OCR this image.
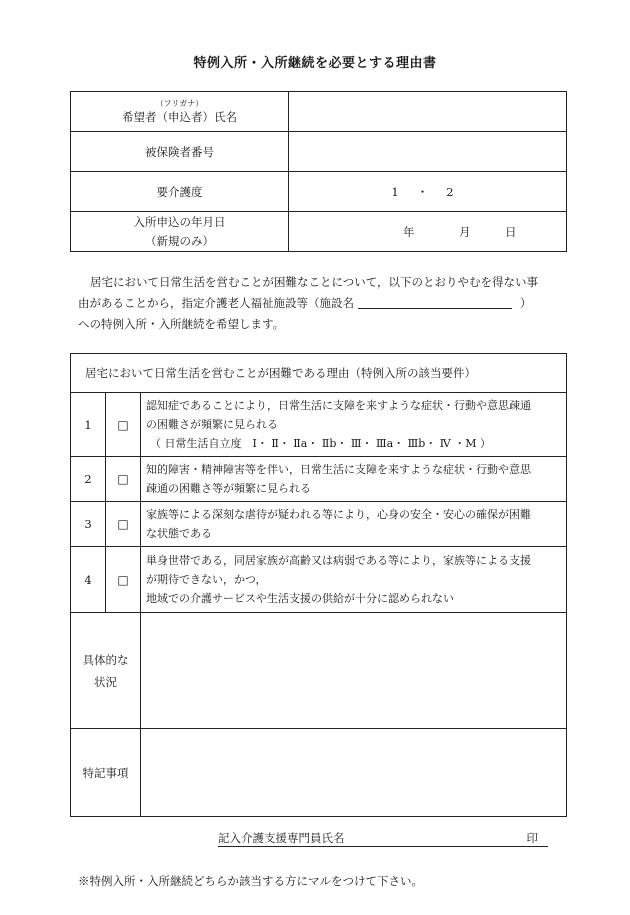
特例入所・入所継続を必要とする理由書
（フリガナ）
希望者（申込者）氏名	
被保険者番号	
要介護度	1・2

入所申込の年月日
（新規のみ）	年 月 日
居宅において日常生活を営むことが困難なことについて，以下のとおりやむを得ない事
由があることから，指定介護老人福祉施設等（施設名	）
への特例入所・入所継続を希望します。
居宅において日常生活を営むことが困難である理由（特例入所の該当要件）		
1	□	認知症であることにより，日常生活に支障を来すような症状・行動や意思疎通
の困難さが頻繁に見られる
（ 日常生活自立度　Ⅰ・ Ⅱ・ Ⅱa・ Ⅱb・ Ⅲ・ Ⅲa・ Ⅲb・ Ⅳ ・M ）

2	□	知的障害・精神障害等を伴い，日常生活に支障を来すような症状・行動や意思
疎通の困難さ等が頻繁に見られる

3	□	家族等による深刻な虐待が疑われる等により，心身の安全・安心の確保が困難
な状態である

4	□	単身世帯である，同居家族が高齢又は病弱である等により，家族等による支援
が期待できない，かつ，
地域での介護サービスや生活支援の供給が十分に認められない

具体的な
状況		

特記事項		
記入介護支援専門員氏名	印
※特例入所・入所継続どちらか該当する方にマルをつけて下さい。
